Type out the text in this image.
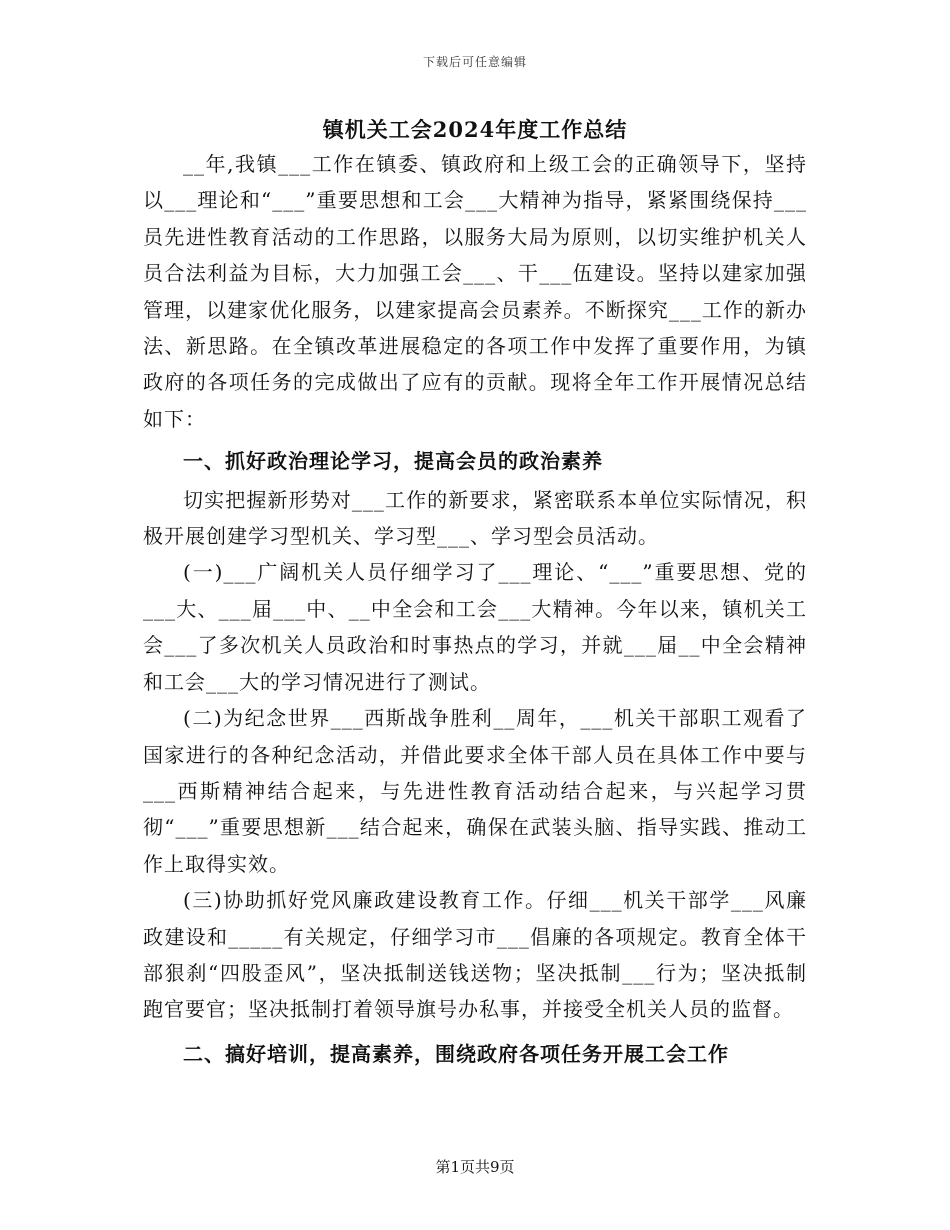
下载后可任意编辑
镇机关工会2024年度工作总结

__年,我镇___工作在镇委、镇政府和上级工会的正确领导下，坚持以___理论和“___”重要思想和工会___大精神为指导，紧紧围绕保持___员先进性教育活动的工作思路，以服务大局为原则，以切实维护机关人员合法利益为目标，大力加强工会___、干___伍建设。坚持以建家加强管理，以建家优化服务，以建家提高会员素养。不断探究___工作的新办法、新思路。在全镇改革进展稳定的各项工作中发挥了重要作用，为镇政府的各项任务的完成做出了应有的贡献。现将全年工作开展情况总结如下：

一、抓好政治理论学习，提高会员的政治素养

切实把握新形势对___工作的新要求，紧密联系本单位实际情况，积极开展创建学习型机关、学习型___、学习型会员活动。

(一)___广阔机关人员仔细学习了___理论、“___”重要思想、党的___大、___届___中、__中全会和工会___大精神。今年以来，镇机关工会___了多次机关人员政治和时事热点的学习，并就___届__中全会精神和工会___大的学习情况进行了测试。

(二)为纪念世界___西斯战争胜利__周年，___机关干部职工观看了国家进行的各种纪念活动，并借此要求全体干部人员在具体工作中要与___西斯精神结合起来，与先进性教育活动结合起来，与兴起学习贯彻“___”重要思想新___结合起来，确保在武装头脑、指导实践、推动工作上取得实效。

(三)协助抓好党风廉政建设教育工作。仔细___机关干部学___风廉政建设和_____有关规定，仔细学习市___倡廉的各项规定。教育全体干部狠刹“四股歪风”，坚决抵制送钱送物；坚决抵制___行为；坚决抵制跑官要官；坚决抵制打着领导旗号办私事，并接受全机关人员的监督。

二、搞好培训，提高素养，围绕政府各项任务开展工会工作
第1页共9页
